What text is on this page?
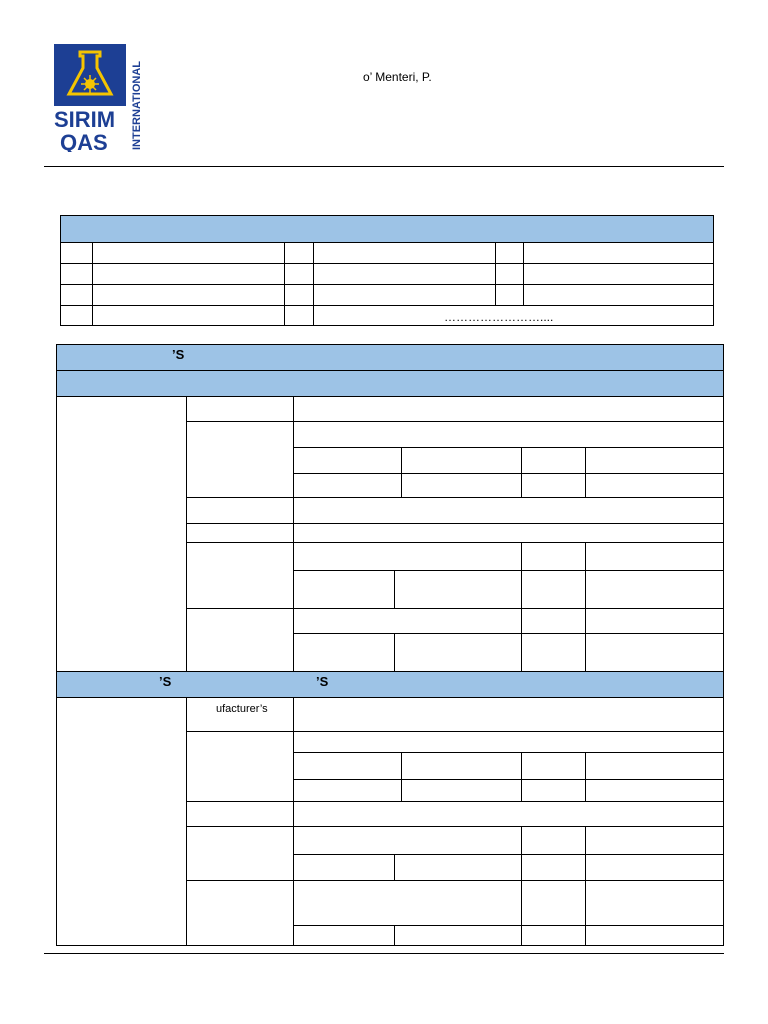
SIRIM
QAS INTERNATIONAL	o’ Menteri, P.
……………………....
’S
’S	’S
ufacturer’s
